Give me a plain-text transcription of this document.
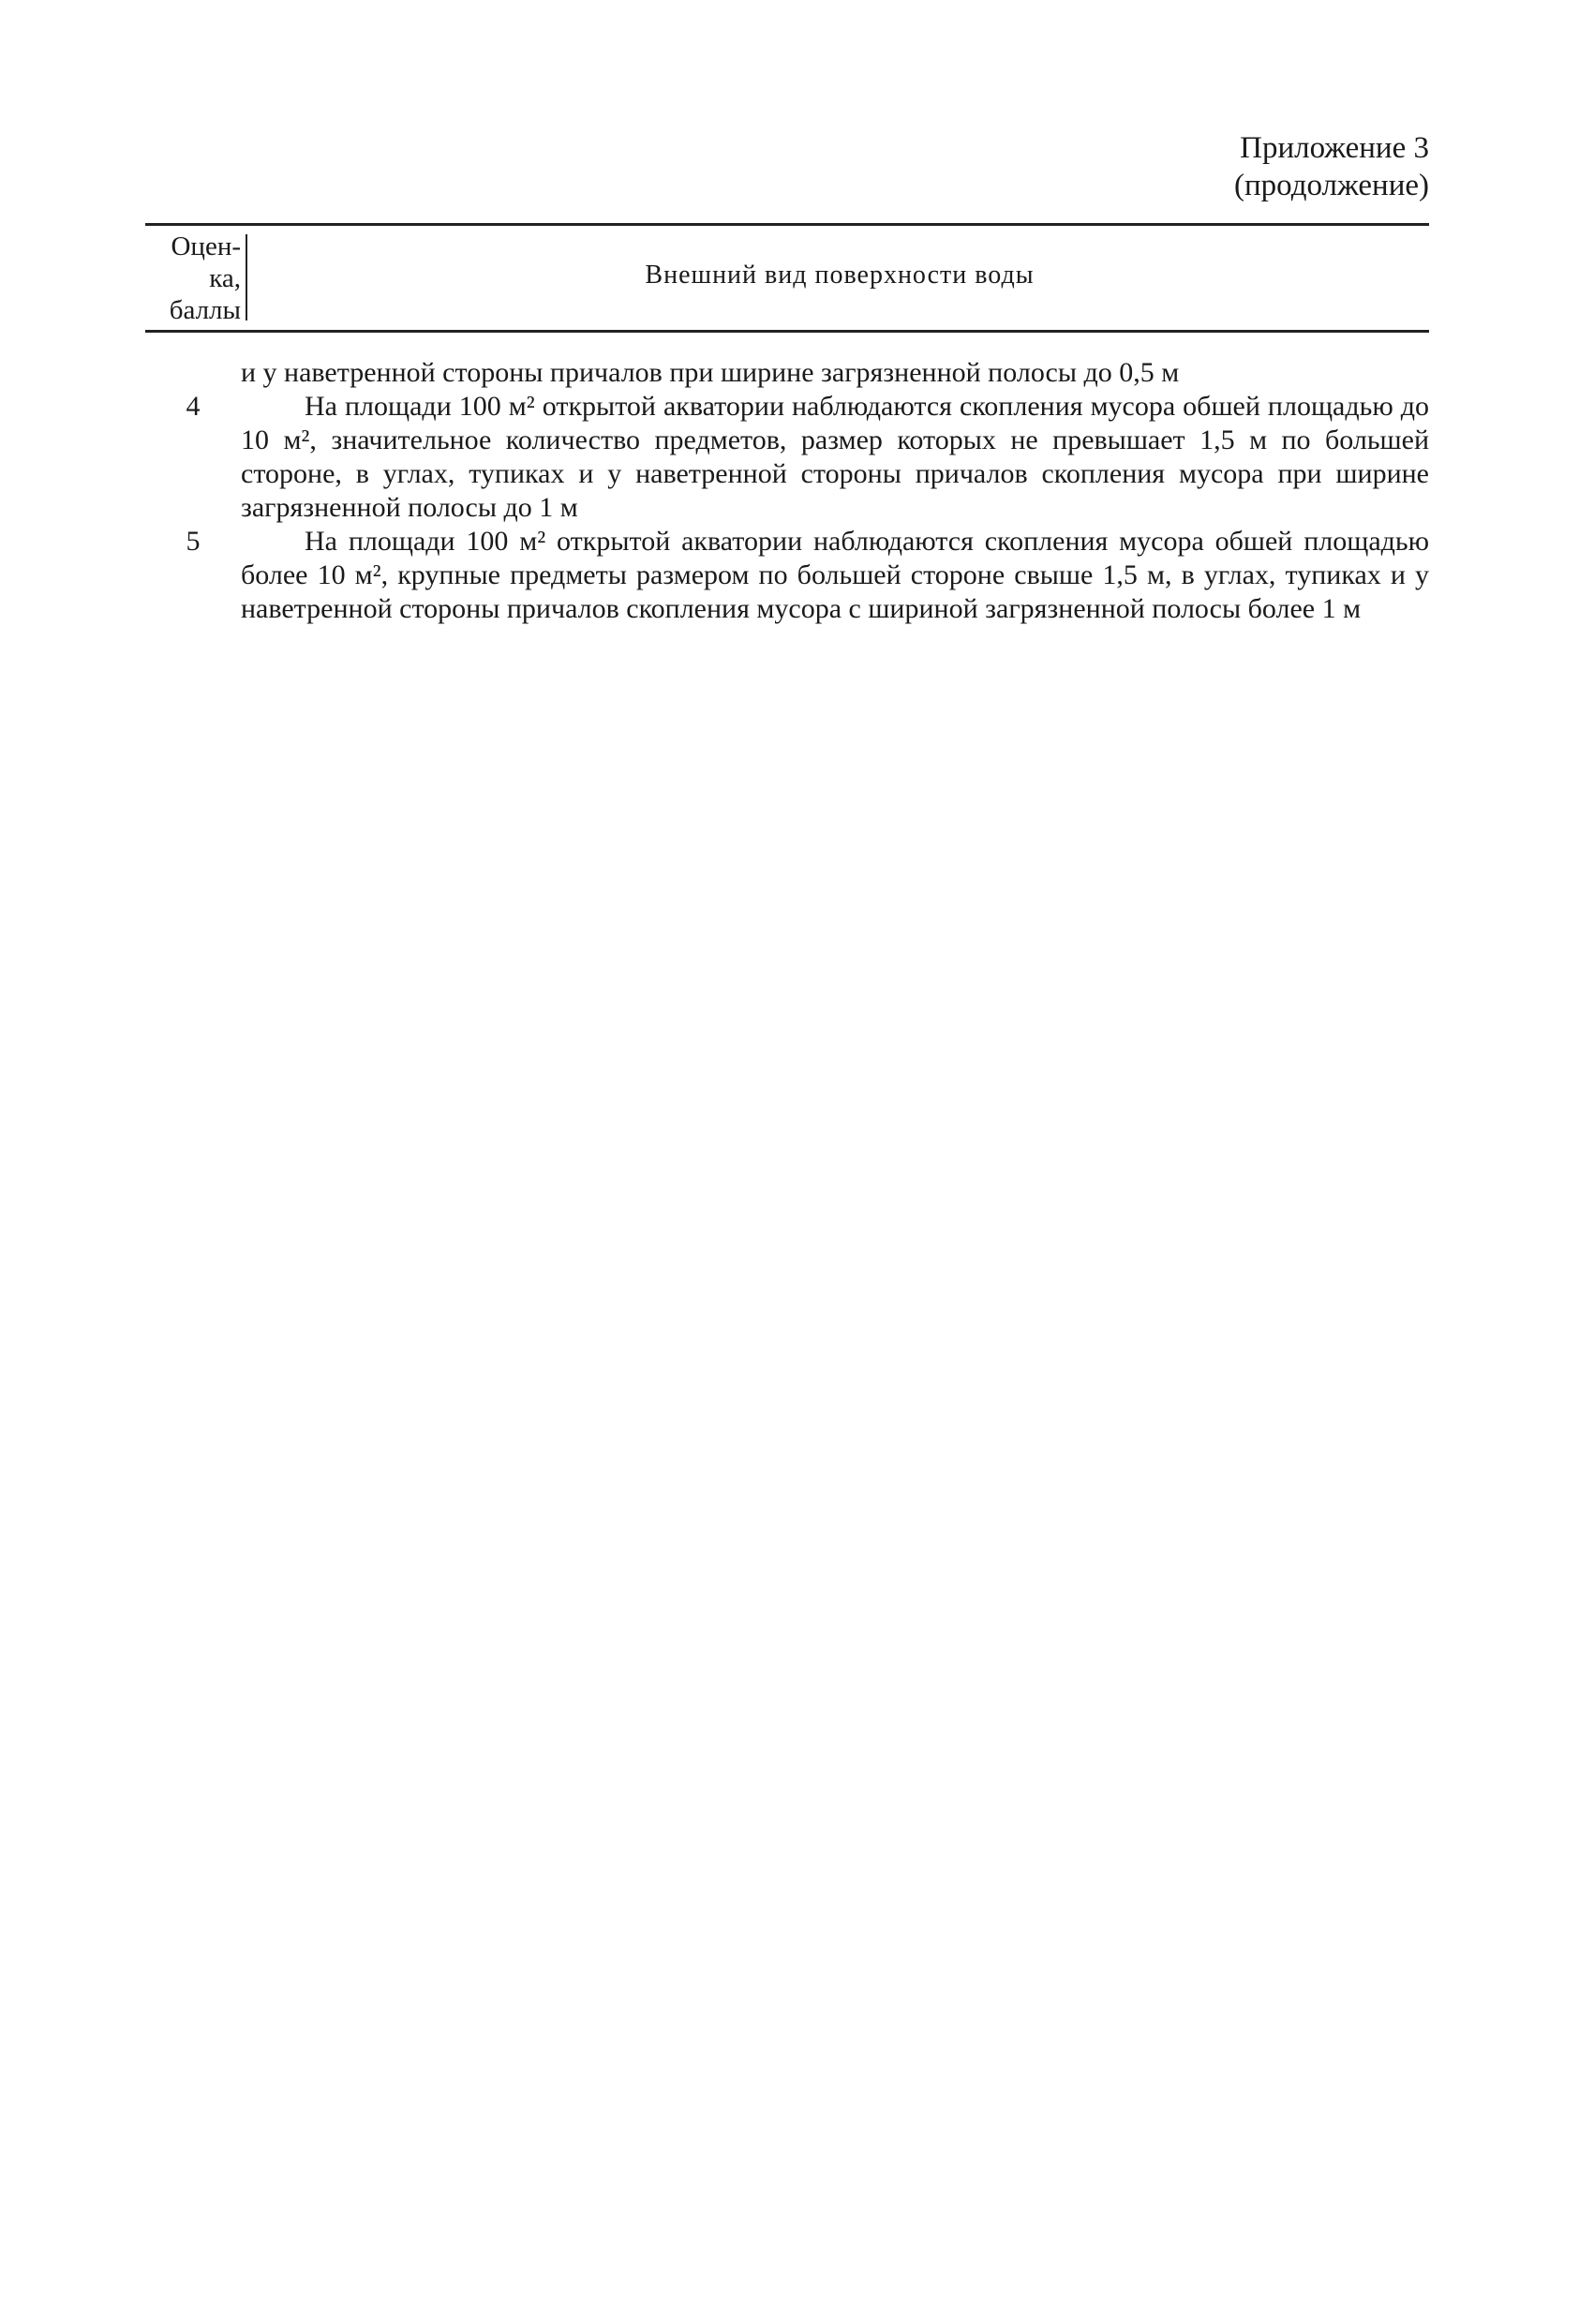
Приложение 3
(продолжение)
Оцен-
ка,
баллы
Внешний вид поверхности воды
и у наветренной стороны причалов при ширине загрязненной полосы до 0,5 м
4	На площади 100 м² открытой акватории наблюдаются скопления мусора обшей площадью до 10 м², значительное количество предметов, размер которых не превышает 1,5 м по большей стороне, в углах, тупиках и у наветренной стороны причалов скопления мусора при ширине загрязненной полосы до 1 м
5	На площади 100 м² открытой акватории наблюдаются скопления мусора обшей площадью более 10 м², крупные предметы размером по большей стороне свыше 1,5 м, в углах, тупиках и у наветренной стороны причалов скопления мусора с шириной загрязненной полосы более 1 м
